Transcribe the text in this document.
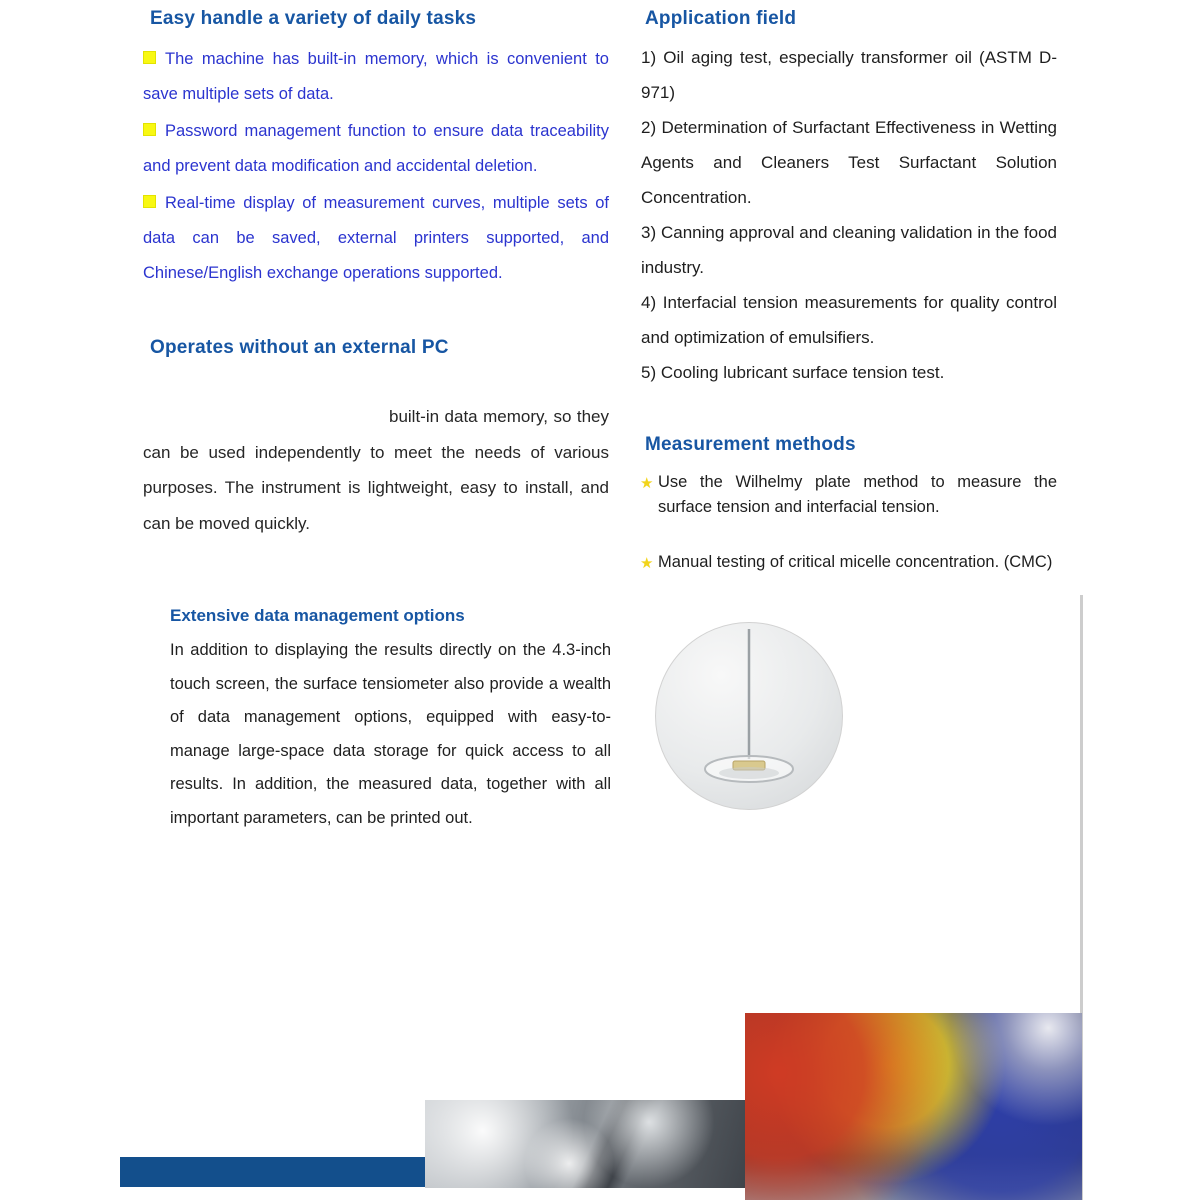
Easy handle a variety of daily tasks

The machine has built-in memory, which is convenient to save multiple sets of data.

Password management function to ensure data traceability and prevent data modification and accidental deletion.

Real-time display of measurement curves, multiple sets of data can be saved, external printers supported, and Chinese/English exchange operations supported.

Operates without an external PC

built-in data memory, so they can be used independently to meet the needs of various purposes. The instrument is lightweight, easy to install, and can be moved quickly.

Application field

1) Oil aging test, especially transformer oil (ASTM D-971)

2) Determination of Surfactant Effectiveness in Wetting Agents and Cleaners Test Surfactant Solution Concentration.

3) Canning approval and cleaning validation in the food industry.

4) Interfacial tension measurements for quality control and optimization of emulsifiers.

5) Cooling lubricant surface tension test.

Measurement methods

★ Use the Wilhelmy plate method to measure the surface tension and interfacial tension.

★ Manual testing of critical micelle concentration. (CMC)

Extensive data management options

In addition to displaying the results directly on the 4.3-inch touch screen, the surface tensiometer also provide a wealth of data management options, equipped with easy-to-manage large-space data storage for quick access to all results. In addition, the measured data, together with all important parameters, can be printed out.
